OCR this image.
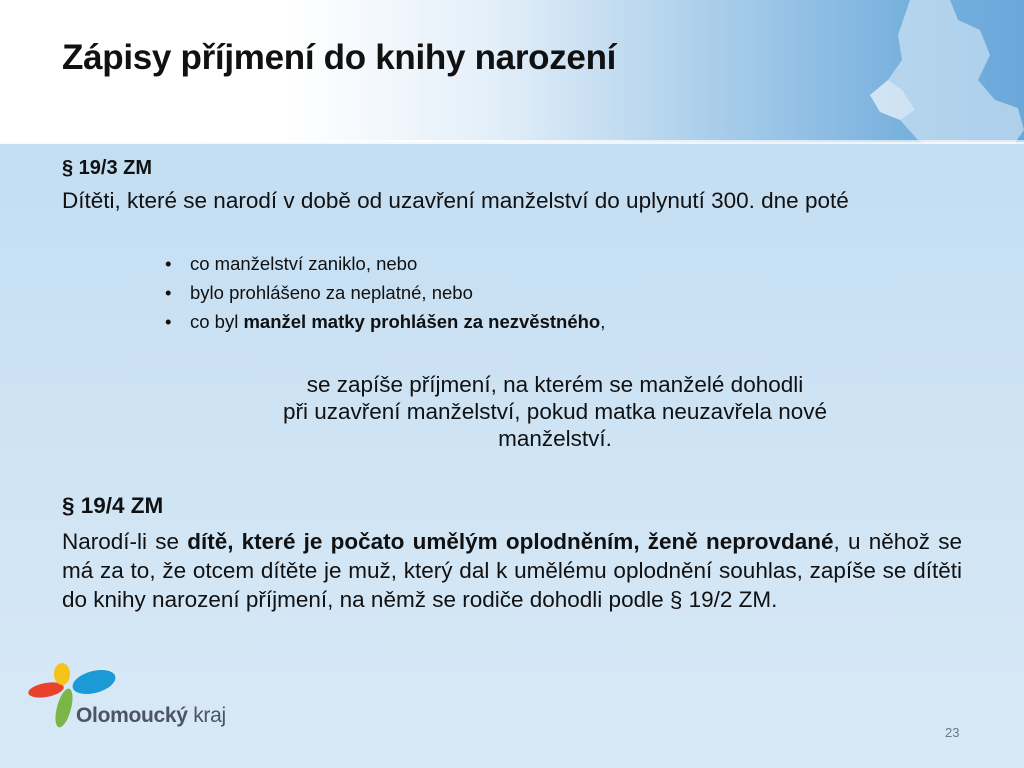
Zápisy příjmení do knihy narození
§ 19/3 ZM
Dítěti, které se narodí v době od uzavření manželství do uplynutí 300. dne poté
• co manželství zaniklo, nebo
• bylo prohlášeno za neplatné, nebo
• co byl manžel matky prohlášen za nezvěstného,
se zapíše příjmení, na kterém se manželé dohodli
při uzavření manželství, pokud matka neuzavřela nové
manželství.
§ 19/4 ZM
Narodí-li se dítě, které je počato umělým oplodněním, ženě neprovdané, u něhož se má za to, že otcem dítěte je muž, který dal k umělému oplodnění souhlas, zapíše se dítěti do knihy narození příjmení, na němž se rodiče dohodli podle § 19/2 ZM.
Olomoucký kraj
23
